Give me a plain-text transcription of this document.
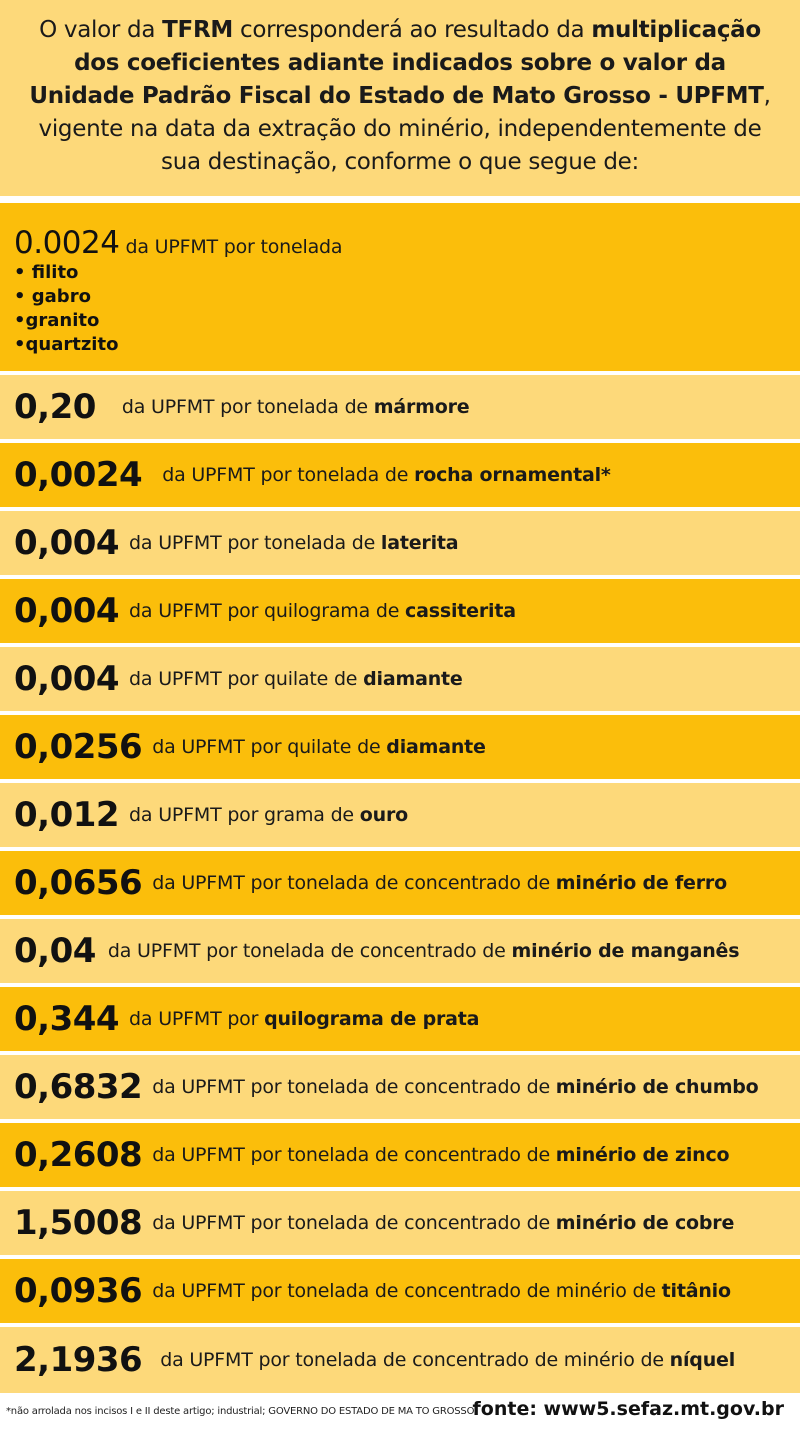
O valor da TFRM corresponderá ao resultado da multiplicação dos coeficientes adiante indicados sobre o valor da Unidade Padrão Fiscal do Estado de Mato Grosso - UPFMT, vigente na data da extração do minério, independentemente de sua destinação, conforme o que segue de:
0.0024 da UPFMT por tonelada
• filito
• gabro
•granito
•quartzito
0,20 da UPFMT por tonelada de mármore
0,0024 da UPFMT por tonelada de rocha ornamental*
0,004 da UPFMT por tonelada de laterita
0,004 da UPFMT por quilograma de cassiterita
0,004 da UPFMT por quilate de diamante
0,0256 da UPFMT por quilate de diamante
0,012 da UPFMT por grama de ouro
0,0656 da UPFMT por tonelada de concentrado de minério de ferro
0,04 da UPFMT por tonelada de concentrado de minério de manganês
0,344 da UPFMT por quilograma de prata
0,6832 da UPFMT por tonelada de concentrado de minério de chumbo
0,2608 da UPFMT por tonelada de concentrado de minério de zinco
1,5008 da UPFMT por tonelada de concentrado de minério de cobre
0,0936 da UPFMT por tonelada de concentrado de minério de titânio
2,1936 da UPFMT por tonelada de concentrado de minério de níquel
*não arrolada nos incisos I e II deste artigo; industrial; GOVERNO DO ESTADO DE MA TO GROSSO
fonte: www5.sefaz.mt.gov.br
